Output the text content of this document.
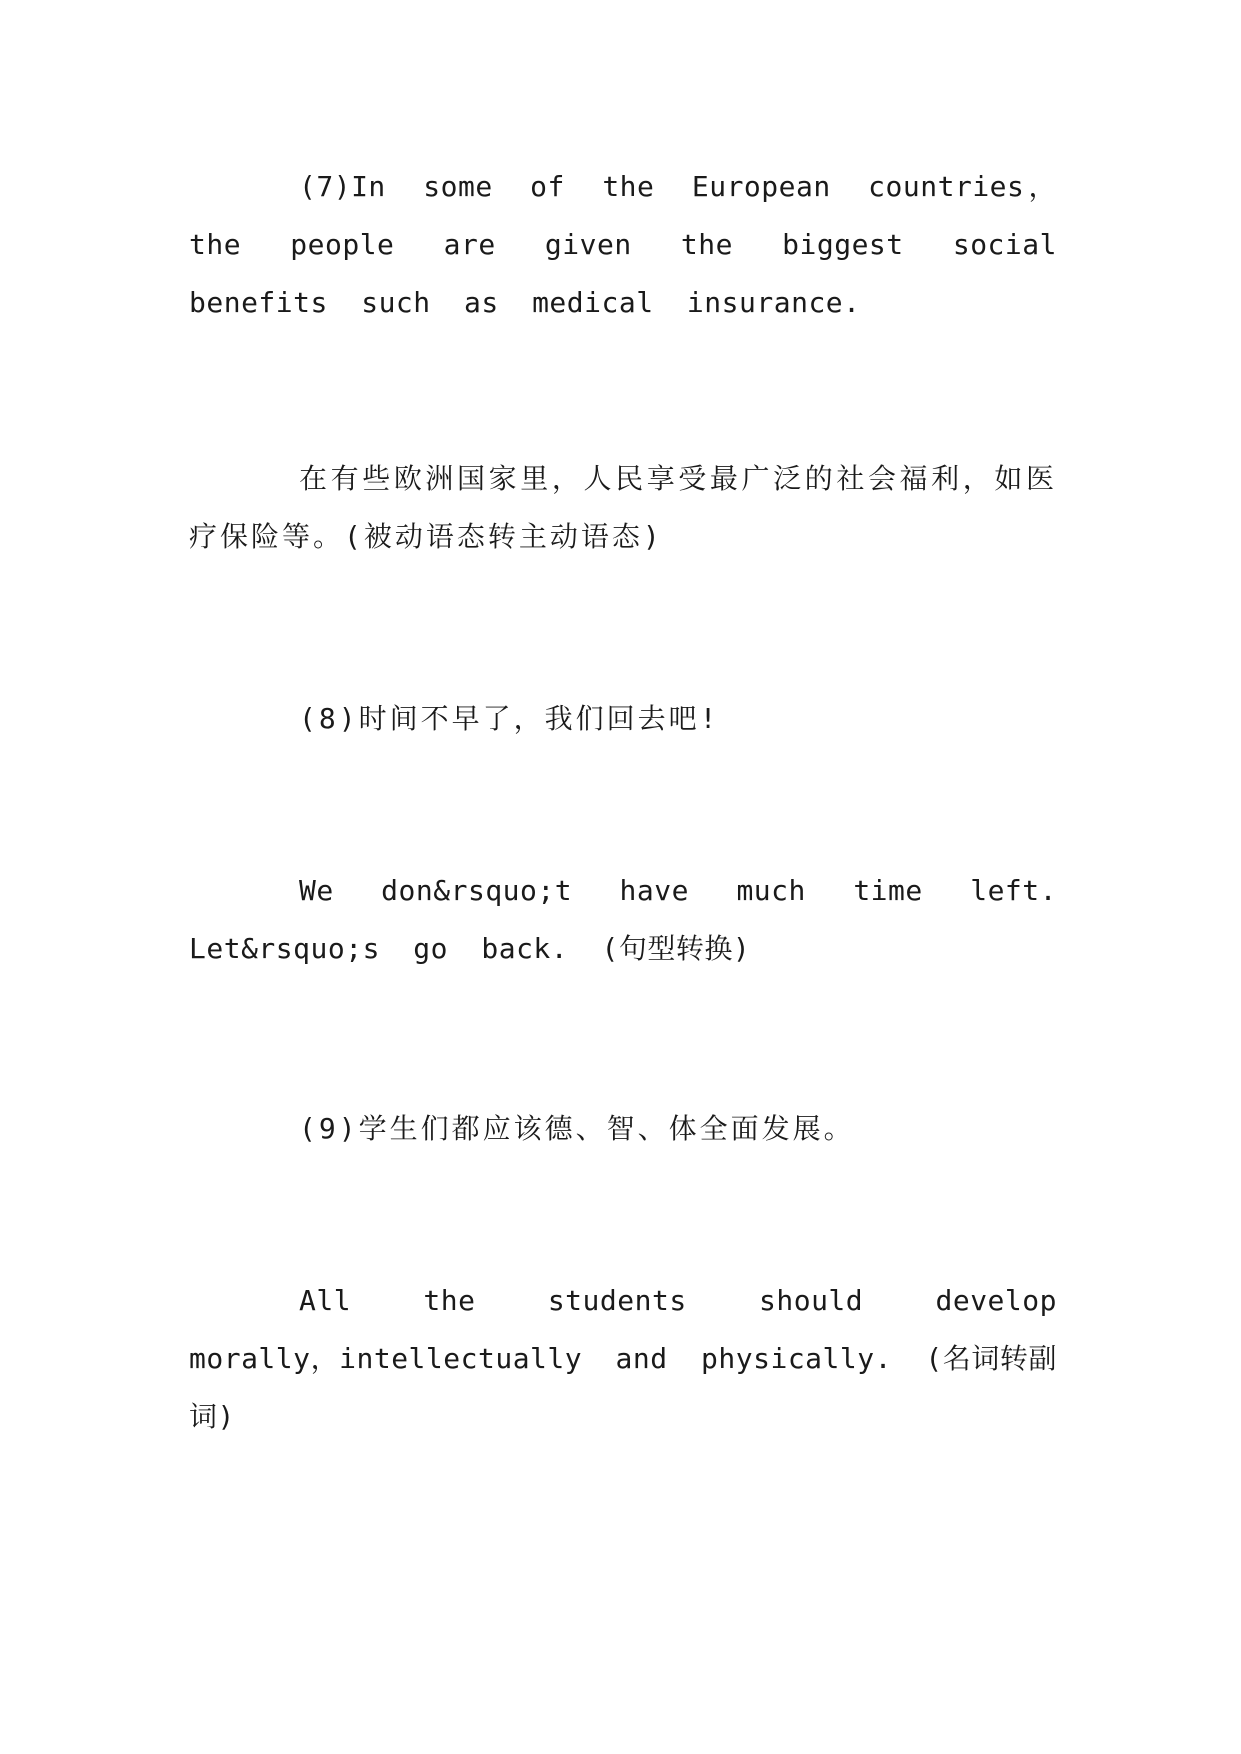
(7)In some of the European countries， the people are given the biggest social benefits such as medical insurance.

在有些欧洲国家里，人民享受最广泛的社会福利，如医疗保险等。(被动语态转主动语态)

(8)时间不早了，我们回去吧!

We don&rsquo;t have much time left. Let&rsquo;s go back. (句型转换)

(9)学生们都应该德、智、体全面发展。

All the students should develop morally，intellectually and physically. (名词转副词)
